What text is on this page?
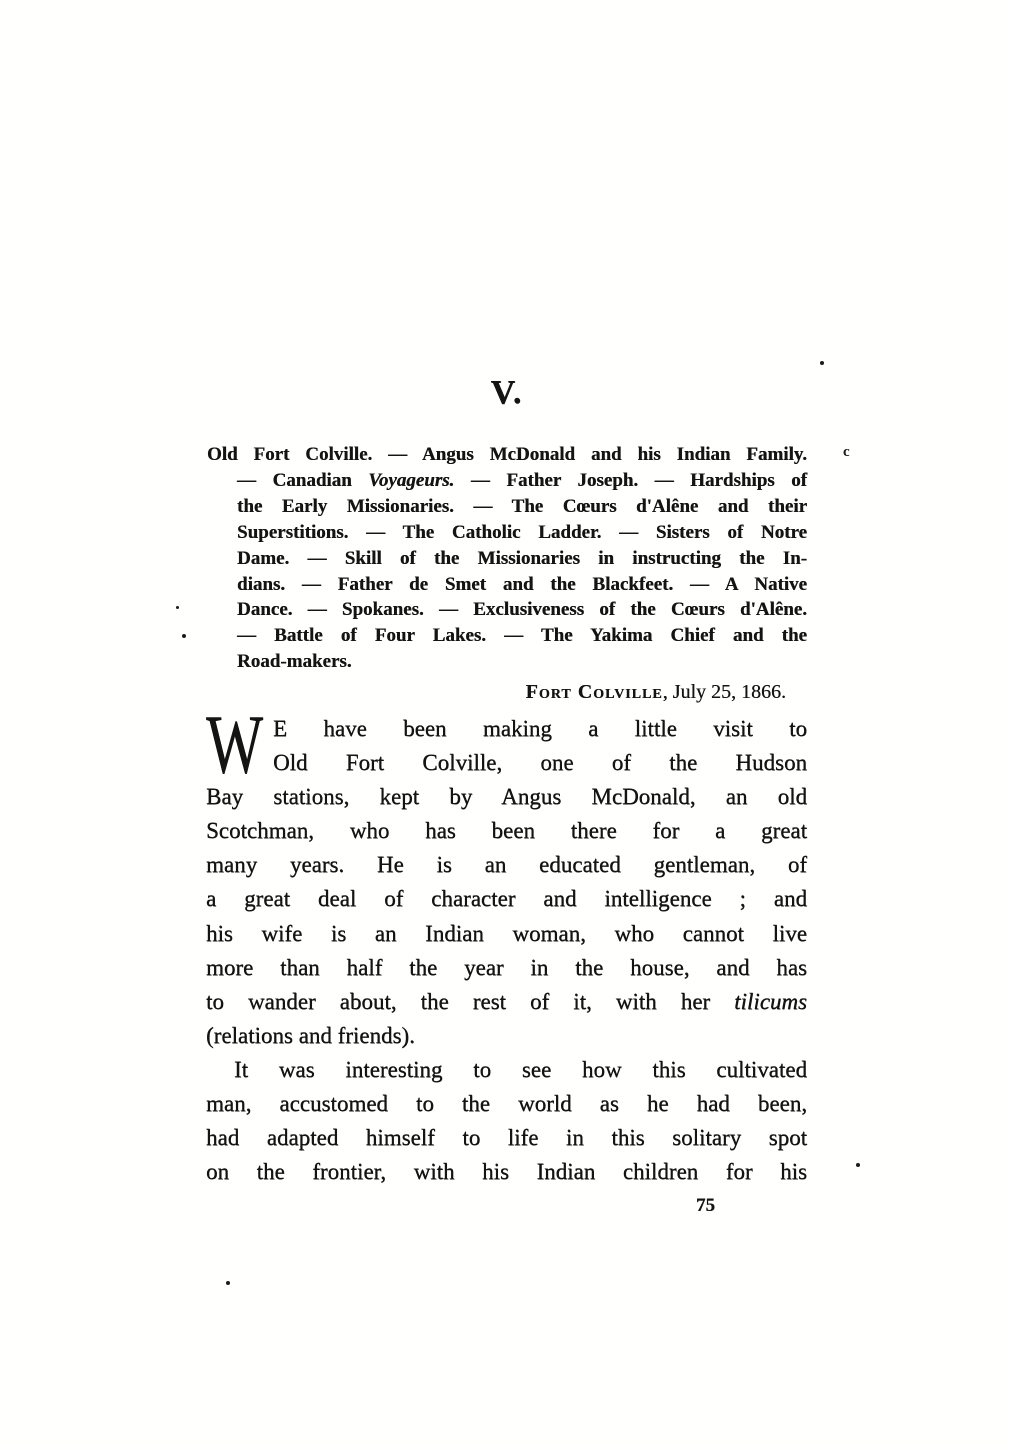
V.
Old Fort Colville. — Angus McDonald and his Indian Family.
— Canadian Voyageurs. — Father Joseph. — Hardships of
the Early Missionaries. — The Cœurs d'Alêne and their
Superstitions. — The Catholic Ladder. — Sisters of Notre
Dame. — Skill of the Missionaries in instructing the In-
dians. — Father de Smet and the Blackfeet. — A Native
Dance. — Spokanes. — Exclusiveness of the Cœurs d'Alêne.
— Battle of Four Lakes. — The Yakima Chief and the
Road-makers.
Fort Colville, July 25, 1866.
W E have been making a little visit to
Old Fort Colville, one of the Hudson
Bay stations, kept by Angus McDonald, an old
Scotchman, who has been there for a great
many years. He is an educated gentleman, of
a great deal of character and intelligence ; and
his wife is an Indian woman, who cannot live
more than half the year in the house, and has
to wander about, the rest of it, with her tilicums
(relations and friends).
It was interesting to see how this cultivated
man, accustomed to the world as he had been,
had adapted himself to life in this solitary spot
on the frontier, with his Indian children for his
75
c
